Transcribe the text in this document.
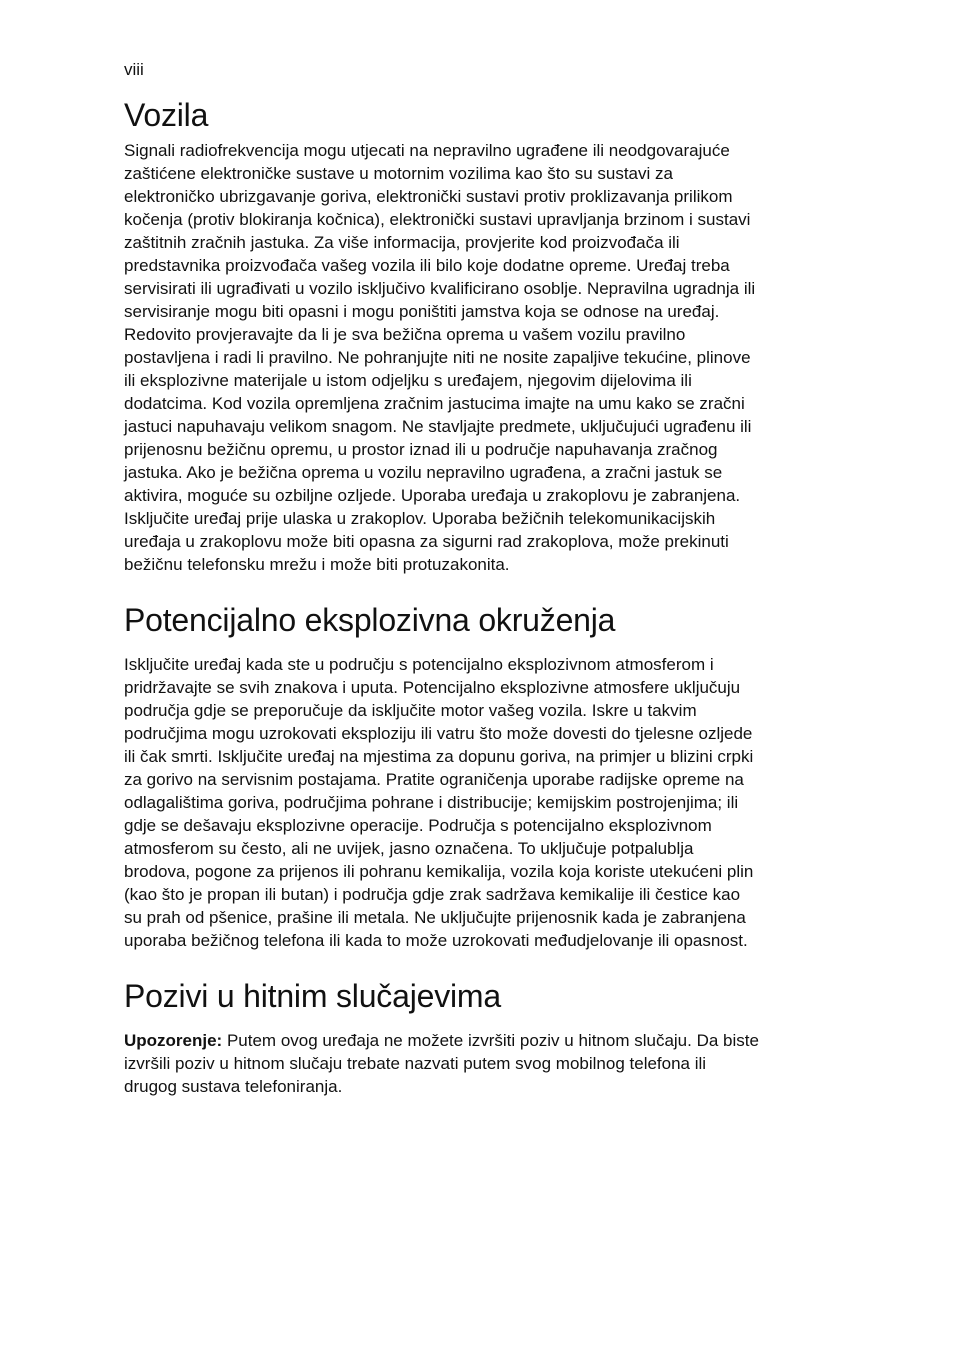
viii

Vozila
Signali radiofrekvencija mogu utjecati na nepravilno ugrađene ili neodgovarajuće
zaštićene elektroničke sustave u motornim vozilima kao što su sustavi za
elektroničko ubrizgavanje goriva, elektronički sustavi protiv proklizavanja prilikom
kočenja (protiv blokiranja kočnica), elektronički sustavi upravljanja brzinom i sustavi
zaštitnih zračnih jastuka. Za više informacija, provjerite kod proizvođača ili
predstavnika proizvođača vašeg vozila ili bilo koje dodatne opreme. Uređaj treba
servisirati ili ugrađivati u vozilo isključivo kvalificirano osoblje. Nepravilna ugradnja ili
servisiranje mogu biti opasni i mogu poništiti jamstva koja se odnose na uređaj.
Redovito provjeravajte da li je sva bežična oprema u vašem vozilu pravilno
postavljena i radi li pravilno. Ne pohranjujte niti ne nosite zapaljive tekućine, plinove
ili eksplozivne materijale u istom odjeljku s uređajem, njegovim dijelovima ili
dodatcima. Kod vozila opremljena zračnim jastucima imajte na umu kako se zračni
jastuci napuhavaju velikom snagom. Ne stavljajte predmete, uključujući ugrađenu ili
prijenosnu bežičnu opremu, u prostor iznad ili u područje napuhavanja zračnog
jastuka. Ako je bežična oprema u vozilu nepravilno ugrađena, a zračni jastuk se
aktivira, moguće su ozbiljne ozljede. Uporaba uređaja u zrakoplovu je zabranjena.
Isključite uređaj prije ulaska u zrakoplov. Uporaba bežičnih telekomunikacijskih
uređaja u zrakoplovu može biti opasna za sigurni rad zrakoplova, može prekinuti
bežičnu telefonsku mrežu i može biti protuzakonita.
Potencijalno eksplozivna okruženja
Isključite uređaj kada ste u području s potencijalno eksplozivnom atmosferom i
pridržavajte se svih znakova i uputa. Potencijalno eksplozivne atmosfere uključuju
područja gdje se preporučuje da isključite motor vašeg vozila. Iskre u takvim
područjima mogu uzrokovati eksploziju ili vatru što može dovesti do tjelesne ozljede
ili čak smrti. Isključite uređaj na mjestima za dopunu goriva, na primjer u blizini crpki
za gorivo na servisnim postajama. Pratite ograničenja uporabe radijske opreme na
odlagalištima goriva, područjima pohrane i distribucije; kemijskim postrojenjima; ili
gdje se dešavaju eksplozivne operacije. Područja s potencijalno eksplozivnom
atmosferom su često, ali ne uvijek, jasno označena. To uključuje potpalublja
brodova, pogone za prijenos ili pohranu kemikalija, vozila koja koriste utekućeni plin
(kao što je propan ili butan) i područja gdje zrak sadržava kemikalije ili čestice kao
su prah od pšenice, prašine ili metala. Ne uključujte prijenosnik kada je zabranjena
uporaba bežičnog telefona ili kada to može uzrokovati međudjelovanje ili opasnost.
Pozivi u hitnim slučajevima
Upozorenje: Putem ovog uređaja ne možete izvršiti poziv u hitnom slučaju. Da biste
izvršili poziv u hitnom slučaju trebate nazvati putem svog mobilnog telefona ili
drugog sustava telefoniranja.
